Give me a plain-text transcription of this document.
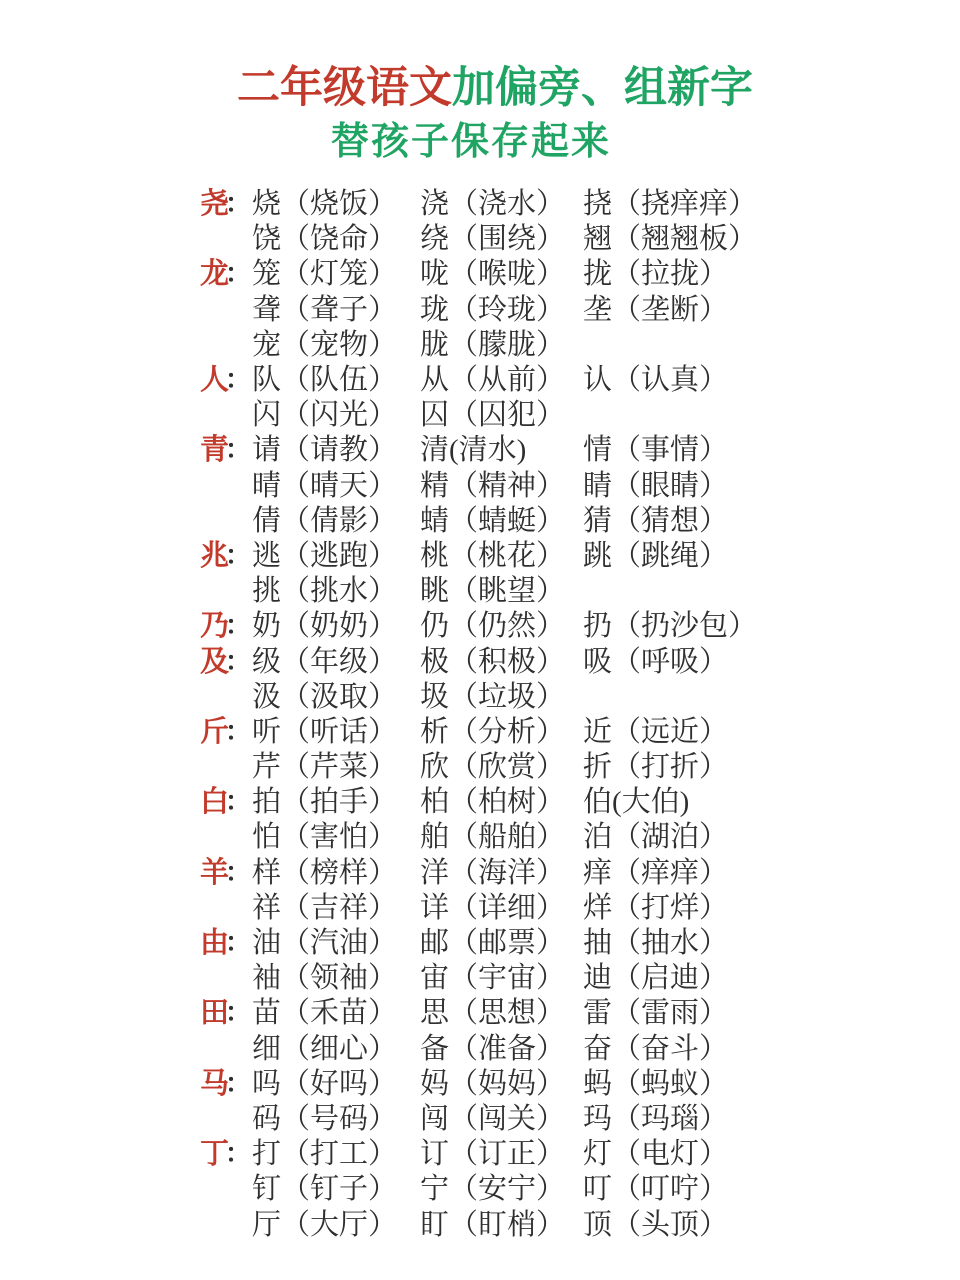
二年级语文加偏旁、组新字
替孩子保存起来
尧
： 烧（烧饭） 浇（浇水） 挠（挠痒痒）
饶（饶命） 绕（围绕） 翘（翘翘板）
龙
： 笼（灯笼） 咙（喉咙） 拢（拉拢）
聋（聋子） 珑（玲珑） 垄（垄断）
宠（宠物） 胧（朦胧）
人
： 队（队伍） 从（从前） 认（认真）
闪（闪光） 囚（囚犯）
青
： 请（请教） 清(清水)	情（事情）
晴（晴天） 精（精神） 睛（眼睛）
倩（倩影） 蜻（蜻蜓） 猜（猜想）
兆
： 逃（逃跑） 桃（桃花） 跳（跳绳）
挑（挑水） 眺（眺望）
乃
： 奶（奶奶） 仍（仍然） 扔（扔沙包）
及
： 级（年级） 极（积极） 吸（呼吸）
汲（汲取） 圾（垃圾）
斤
： 听（听话） 析（分析） 近（远近）
芹（芹菜） 欣（欣赏） 折（打折）
白
： 拍（拍手） 柏（柏树） 伯(大伯)
怕（害怕） 舶（船舶） 泊（湖泊）
羊
： 样（榜样） 洋（海洋） 痒（痒痒）
祥（吉祥） 详（详细） 烊（打烊）
由
： 油（汽油） 邮（邮票） 抽（抽水）
袖（领袖） 宙（宇宙） 迪（启迪）
田
： 苗（禾苗） 思（思想） 雷（雷雨）
细（细心） 备（准备） 奋（奋斗）
马
： 吗（好吗） 妈（妈妈） 蚂（蚂蚁）
码（号码） 闯（闯关） 玛（玛瑙）
丁
： 打（打工） 订（订正） 灯（电灯）
钉（钉子） 宁（安宁） 叮（叮咛）
厅（大厅） 盯（盯梢） 顶（头顶）
